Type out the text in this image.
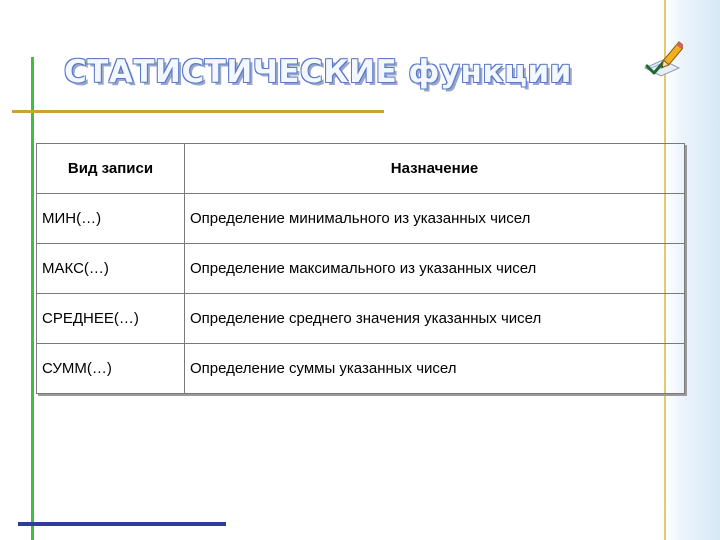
СТАТИСТИЧЕСКИЕ функции
Вид записи	Назначение
МИН(…)	Определение минимального из указанных чисел
МАКС(…)	Определение максимального из указанных чисел
СРЕДНЕЕ(…)	Определение среднего значения указанных чисел
СУММ(…)	Определение суммы указанных чисел
